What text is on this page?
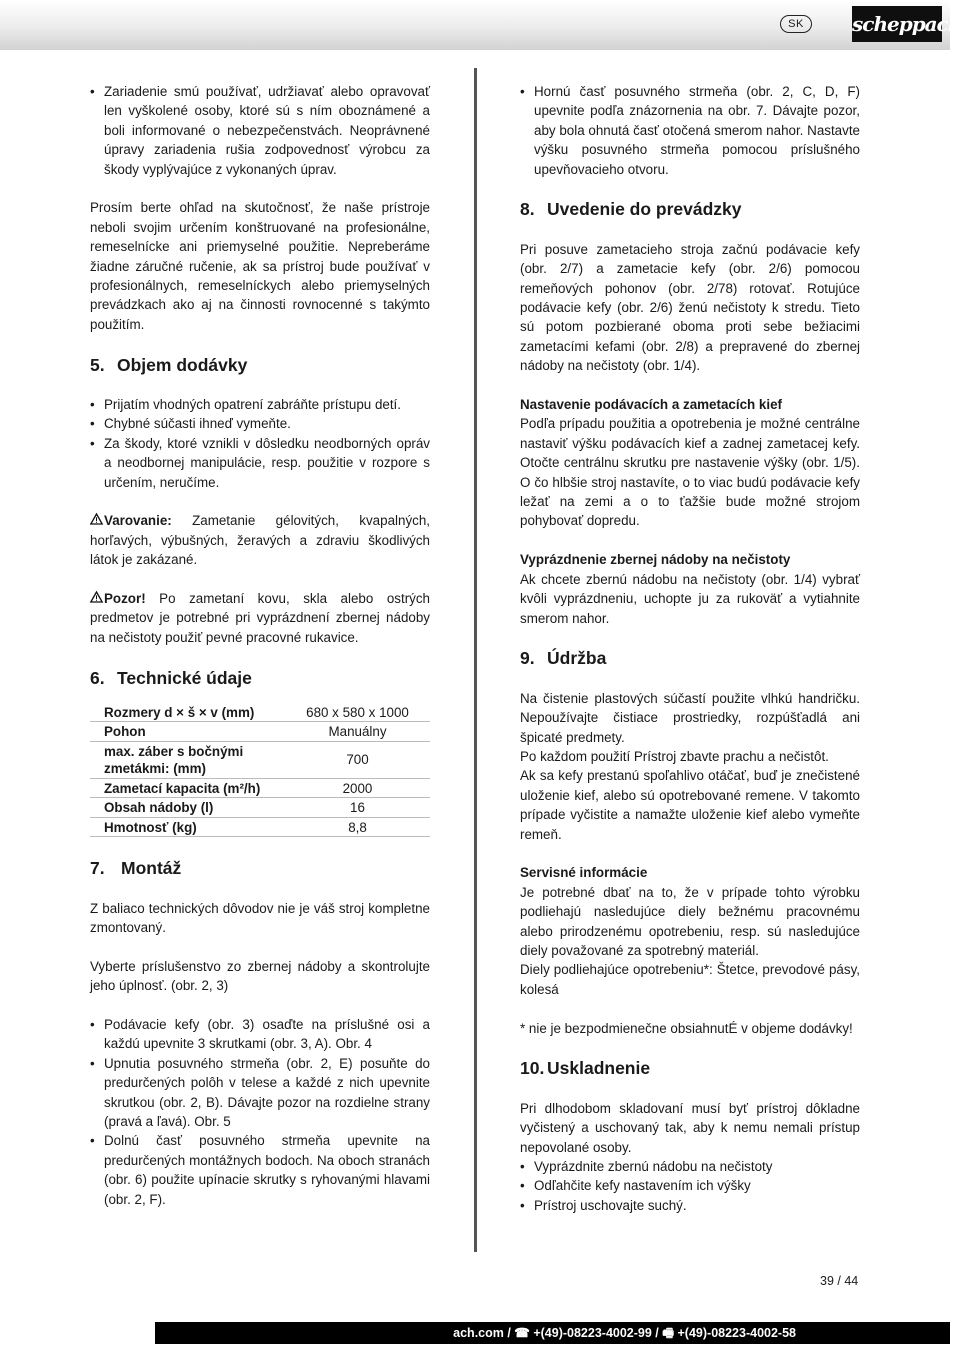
SK	scheppach
• Zariadenie smú používať, udržiavať alebo opravovať len vyškolené osoby, ktoré sú s ním oboznámené a boli informované o nebezpečenstvách. Neoprávnené úpravy zariadenia rušia zodpovednosť výrobcu za škody vyplývajúce z vykonaných úprav.

Prosím berte ohľad na skutočnosť, že naše prístroje neboli svojim určením konštruované na profesionálne, remeselnícke ani priemyselné použitie. Nepreberáme žiadne záručné ručenie, ak sa prístroj bude používať v profesionálnych, remeselníckych alebo priemyselných prevádzkach ako aj na činnosti rovnocenné s takýmto použitím.

5. Objem dodávky
• Prijatím vhodných opatrení zabráňte prístupu detí.
• Chybné súčasti ihneď vymeňte.
• Za škody, ktoré vznikli v dôsledku neodborných opráv a neodbornej manipulácie, resp. použitie v rozpore s určením, neručíme.

Varovanie: Zametanie gélovitých, kvapalných, horľavých, výbušných, žeravých a zdraviu škodlivých látok je zakázané.

Pozor! Po zametaní kovu, skla alebo ostrých predmetov je potrebné pri vyprázdnení zbernej nádoby na nečistoty použiť pevné pracovné rukavice.

6. Technické údaje
Rozmery d × š × v (mm)	680 x 580 x 1000
Pohon	Manuálny
max. záber s bočnými zmetákmi: (mm)	700
Zametací kapacita (m²/h)	2000
Obsah nádoby (l)	16
Hmotnosť (kg)	8,8
7. Montáž

Z baliaco technických dôvodov nie je váš stroj kompletne zmontovaný.

Vyberte príslušenstvo zo zbernej nádoby a skontrolujte jeho úplnosť. (obr. 2, 3)

• Podávacie kefy (obr. 3) osaďte na príslušné osi a každú upevnite 3 skrutkami (obr. 3, A). Obr. 4
• Upnutia posuvného strmeňa (obr. 2, E) posuňte do predurčených polôh v telese a každé z nich upevnite skrutkou (obr. 2, B). Dávajte pozor na rozdielne strany (pravá a ľavá). Obr. 5
• Dolnú časť posuvného strmeňa upevnite na predurčených montážnych bodoch. Na oboch stranách (obr. 6) použite upínacie skrutky s ryhovanými hlavami (obr. 2, F).
• Hornú časť posuvného strmeňa (obr. 2, C, D, F) upevnite podľa znázornenia na obr. 7. Dávajte pozor, aby bola ohnutá časť otočená smerom nahor. Nastavte výšku posuvného strmeňa pomocou príslušného upevňovacieho otvoru.
8. Uvedenie do prevádzky

Pri posuve zametacieho stroja začnú podávacie kefy (obr. 2/7) a zametacie kefy (obr. 2/6) pomocou remeňových pohonov (obr. 2/78) rotovať. Rotujúce podávacie kefy (obr. 2/6) ženú nečistoty k stredu. Tieto sú potom pozbierané oboma proti sebe bežiacimi zametacími kefami (obr. 2/8) a prepravené do zbernej nádoby na nečistoty (obr. 1/4).

Nastavenie podávacích a zametacích kief

Podľa prípadu použitia a opotrebenia je možné centrálne nastaviť výšku podávacích kief a zadnej zametacej kefy. Otočte centrálnu skrutku pre nastavenie výšky (obr. 1/5). O čo hlbšie stroj nastavíte, o to viac budú podávacie kefy ležať na zemi a o to ťažšie bude možné strojom pohybovať dopredu.

Vyprázdnenie zbernej nádoby na nečistoty

Ak chcete zbernú nádobu na nečistoty (obr. 1/4) vybrať kvôli vyprázdneniu, uchopte ju za rukoväť a vytiahnite smerom nahor.

9. Údržba

Na čistenie plastových súčastí použite vlhkú handričku. Nepoužívajte čistiace prostriedky, rozpúšťadlá ani špicaté predmety.

Po každom použití Prístroj zbavte prachu a nečistôt.

Ak sa kefy prestanú spoľahlivo otáčať, buď je znečistené uloženie kief, alebo sú opotrebované remene. V takomto prípade vyčistite a namažte uloženie kief alebo vymeňte remeň.

Servisné informácie

Je potrebné dbať na to, že v prípade tohto výrobku podliehajú nasledujúce diely bežnému pracovnému alebo prirodzenému opotrebeniu, resp. sú nasledujúce diely považované za spotrebný materiál.

Diely podliehajúce opotrebeniu*: Štetce, prevodové pásy, kolesá

* nie je bezpodmienečne obsiahnutÉ v objeme dodávky!

10. Uskladnenie

Pri dlhodobom skladovaní musí byť prístroj dôkladne vyčistený a uschovaný tak, aby k nemu nemali prístup nepovolané osoby.

• Vyprázdnite zbernú nádobu na nečistoty
• Odľahčite kefy nastavením ich výšky
• Prístroj uschovajte suchý.
39 / 44
ach.com / ☎ +(49)-08223-4002-99 / 🖷 +(49)-08223-4002-58
